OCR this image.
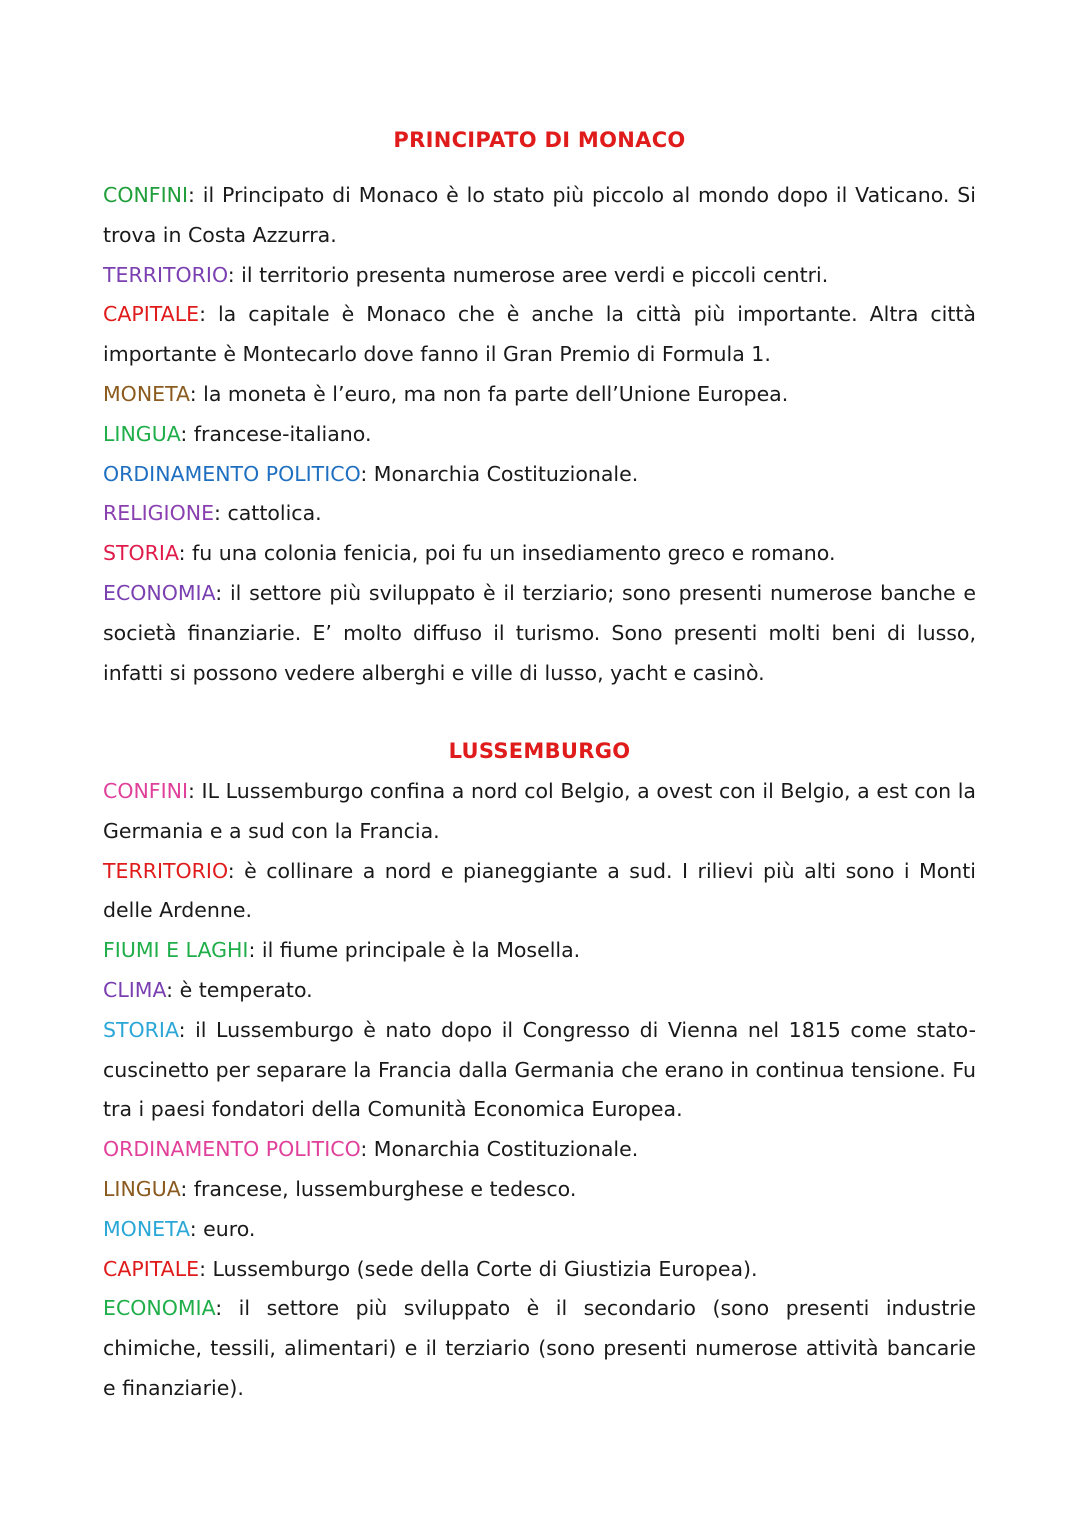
PRINCIPATO DI MONACO

CONFINI: il Principato di Monaco è lo stato più piccolo al mondo dopo il Vaticano. Si trova in Costa Azzurra.

TERRITORIO: il territorio presenta numerose aree verdi e piccoli centri.

CAPITALE: la capitale è Monaco che è anche la città più importante. Altra città importante è Montecarlo dove fanno il Gran Premio di Formula 1.

MONETA: la moneta è l’euro, ma non fa parte dell’Unione Europea.

LINGUA: francese-italiano.

ORDINAMENTO POLITICO: Monarchia Costituzionale.

RELIGIONE: cattolica.

STORIA: fu una colonia fenicia, poi fu un insediamento greco e romano.

ECONOMIA: il settore più sviluppato è il terziario; sono presenti numerose banche e società finanziarie. E’ molto diffuso il turismo. Sono presenti molti beni di lusso, infatti si possono vedere alberghi e ville di lusso, yacht e casinò.

LUSSEMBURGO

CONFINI: IL Lussemburgo confina a nord col Belgio, a ovest con il Belgio, a est con la Germania e a sud con la Francia.

TERRITORIO: è collinare a nord e pianeggiante a sud. I rilievi più alti sono i Monti delle Ardenne.

FIUMI E LAGHI: il fiume principale è la Mosella.

CLIMA: è temperato.

STORIA: il Lussemburgo è nato dopo il Congresso di Vienna nel 1815 come stato-cuscinetto per separare la Francia dalla Germania che erano in continua tensione. Fu tra i paesi fondatori della Comunità Economica Europea.

ORDINAMENTO POLITICO: Monarchia Costituzionale.

LINGUA: francese, lussemburghese e tedesco.

MONETA: euro.

CAPITALE: Lussemburgo (sede della Corte di Giustizia Europea).

ECONOMIA: il settore più sviluppato è il secondario (sono presenti industrie chimiche, tessili, alimentari) e il terziario (sono presenti numerose attività bancarie e finanziarie).
